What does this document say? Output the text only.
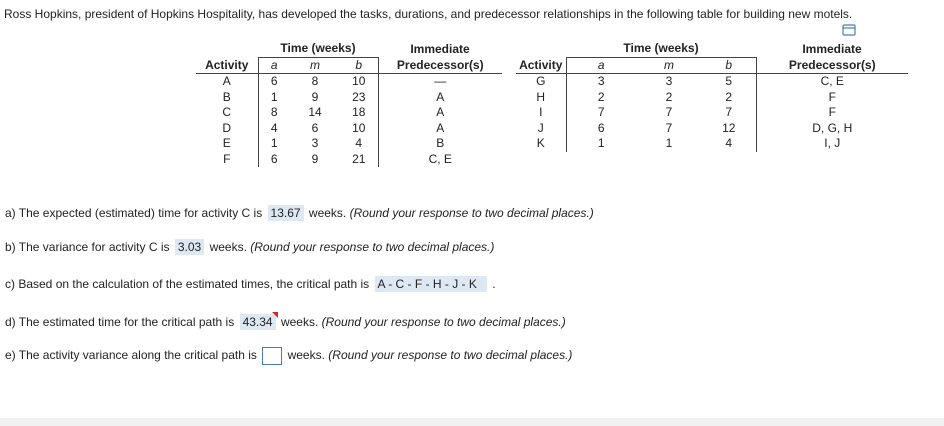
Ross Hopkins, president of Hopkins Hospitality, has developed the tasks, durations, and predecessor relationships in the following table for building new motels.
	Time (weeks)			Immediate
Activity	a	m	b	Predecessor(s)
A	6	8	10	—
B	1	9	23	A
C	8	14	18	A
D	4	6	10	A
E	1	3	4	B
F	6	9	21	C, E
	Time (weeks)			Immediate
Activity	a	m	b	Predecessor(s)
G	3	3	5	C, E
H	2	2	2	F
I	7	7	7	F
J	6	7	12	D, G, H
K	1	1	4	I, J
a) The expected (estimated) time for activity C is 13.67 weeks. (Round your response to two decimal places.)
b) The variance for activity C is 3.03 weeks. (Round your response to two decimal places.)
c) Based on the calculation of the estimated times, the critical path is A - C - F - H - J - K .
d) The estimated time for the critical path is 43.34 weeks. (Round your response to two decimal places.)
e) The activity variance along the critical path is	weeks. (Round your response to two decimal places.)
